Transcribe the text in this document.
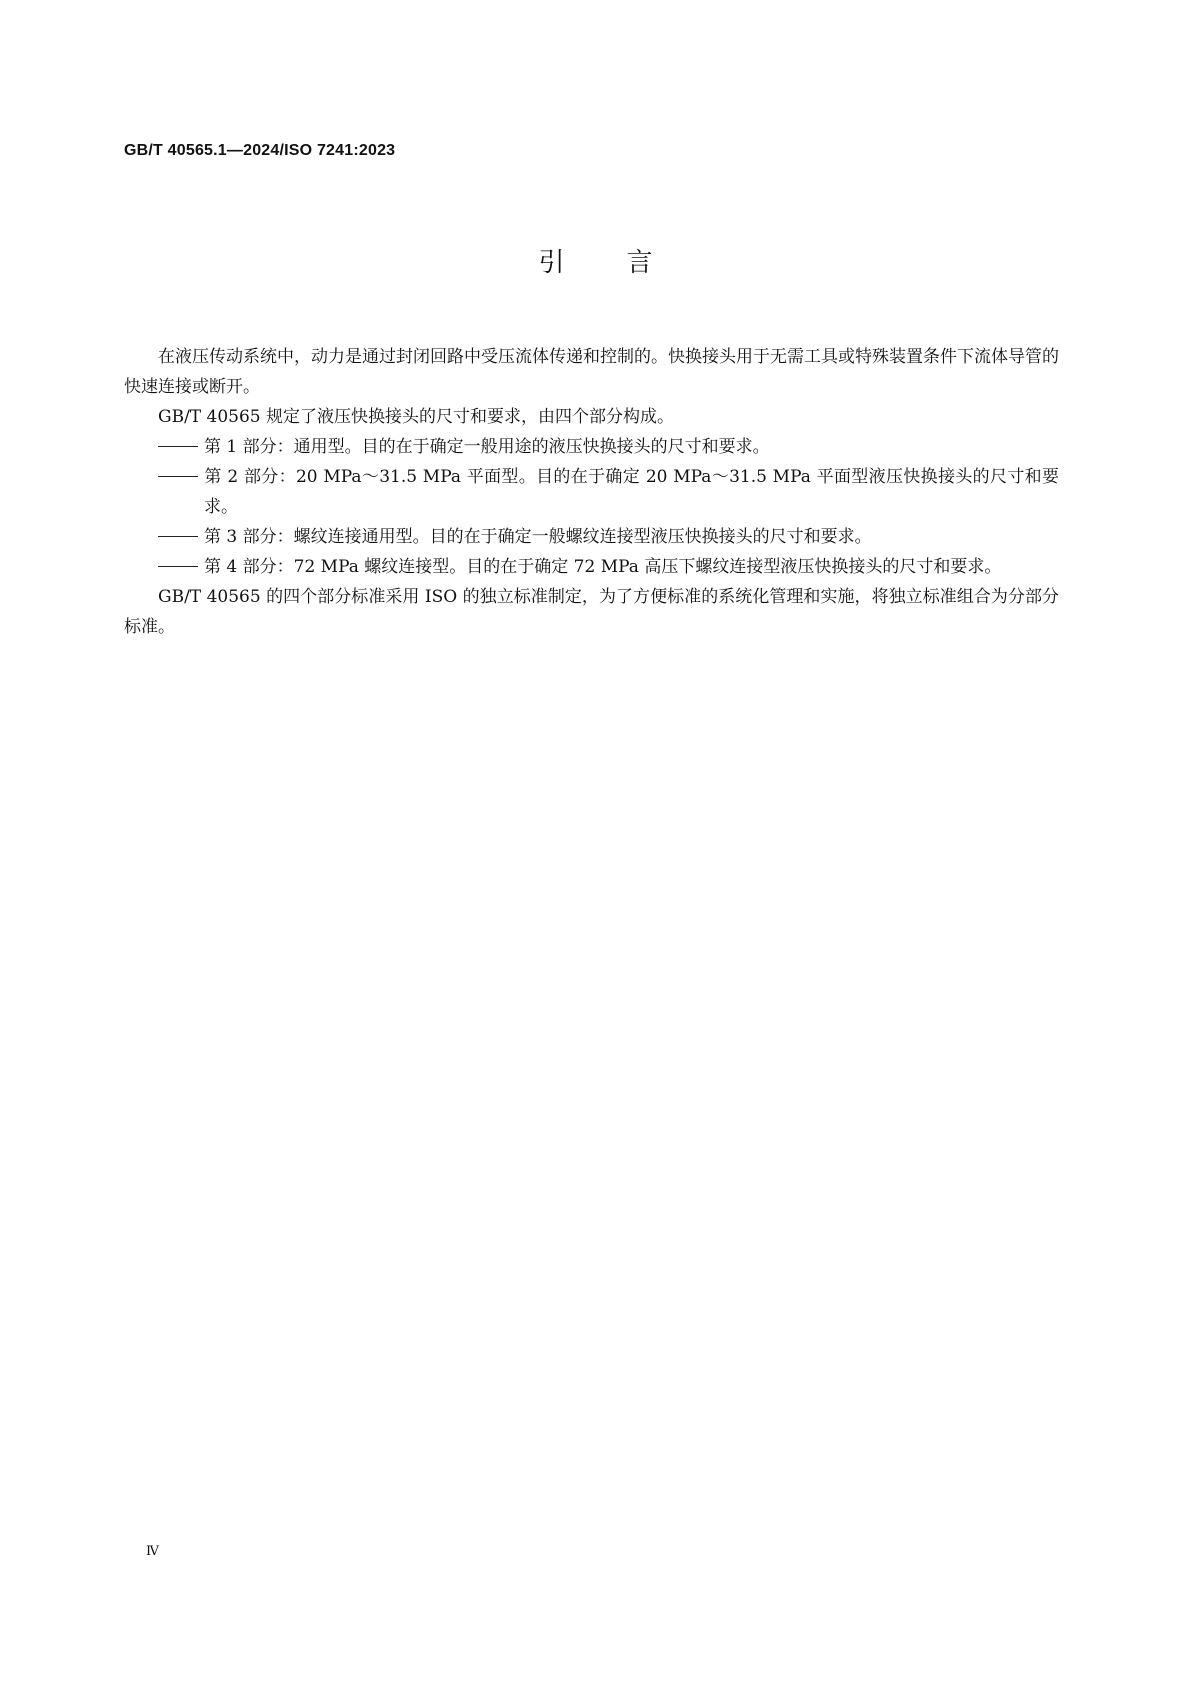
GB/T 40565.1—2024/ISO 7241:2023
引言

在液压传动系统中，动力是通过封闭回路中受压流体传递和控制的。快换接头用于无需工具或特殊装置条件下流体导管的快速连接或断开。

GB/T 40565 规定了液压快换接头的尺寸和要求，由四个部分构成。

第 1 部分：通用型。目的在于确定一般用途的液压快换接头的尺寸和要求。

第 2 部分：20 MPa～31.5 MPa 平面型。目的在于确定 20 MPa～31.5 MPa 平面型液压快换接头的尺寸和要求。

第 3 部分：螺纹连接通用型。目的在于确定一般螺纹连接型液压快换接头的尺寸和要求。

第 4 部分：72 MPa 螺纹连接型。目的在于确定 72 MPa 高压下螺纹连接型液压快换接头的尺寸和要求。

GB/T 40565 的四个部分标准采用 ISO 的独立标准制定，为了方便标准的系统化管理和实施，将独立标准组合为分部分标准。

Ⅳ
